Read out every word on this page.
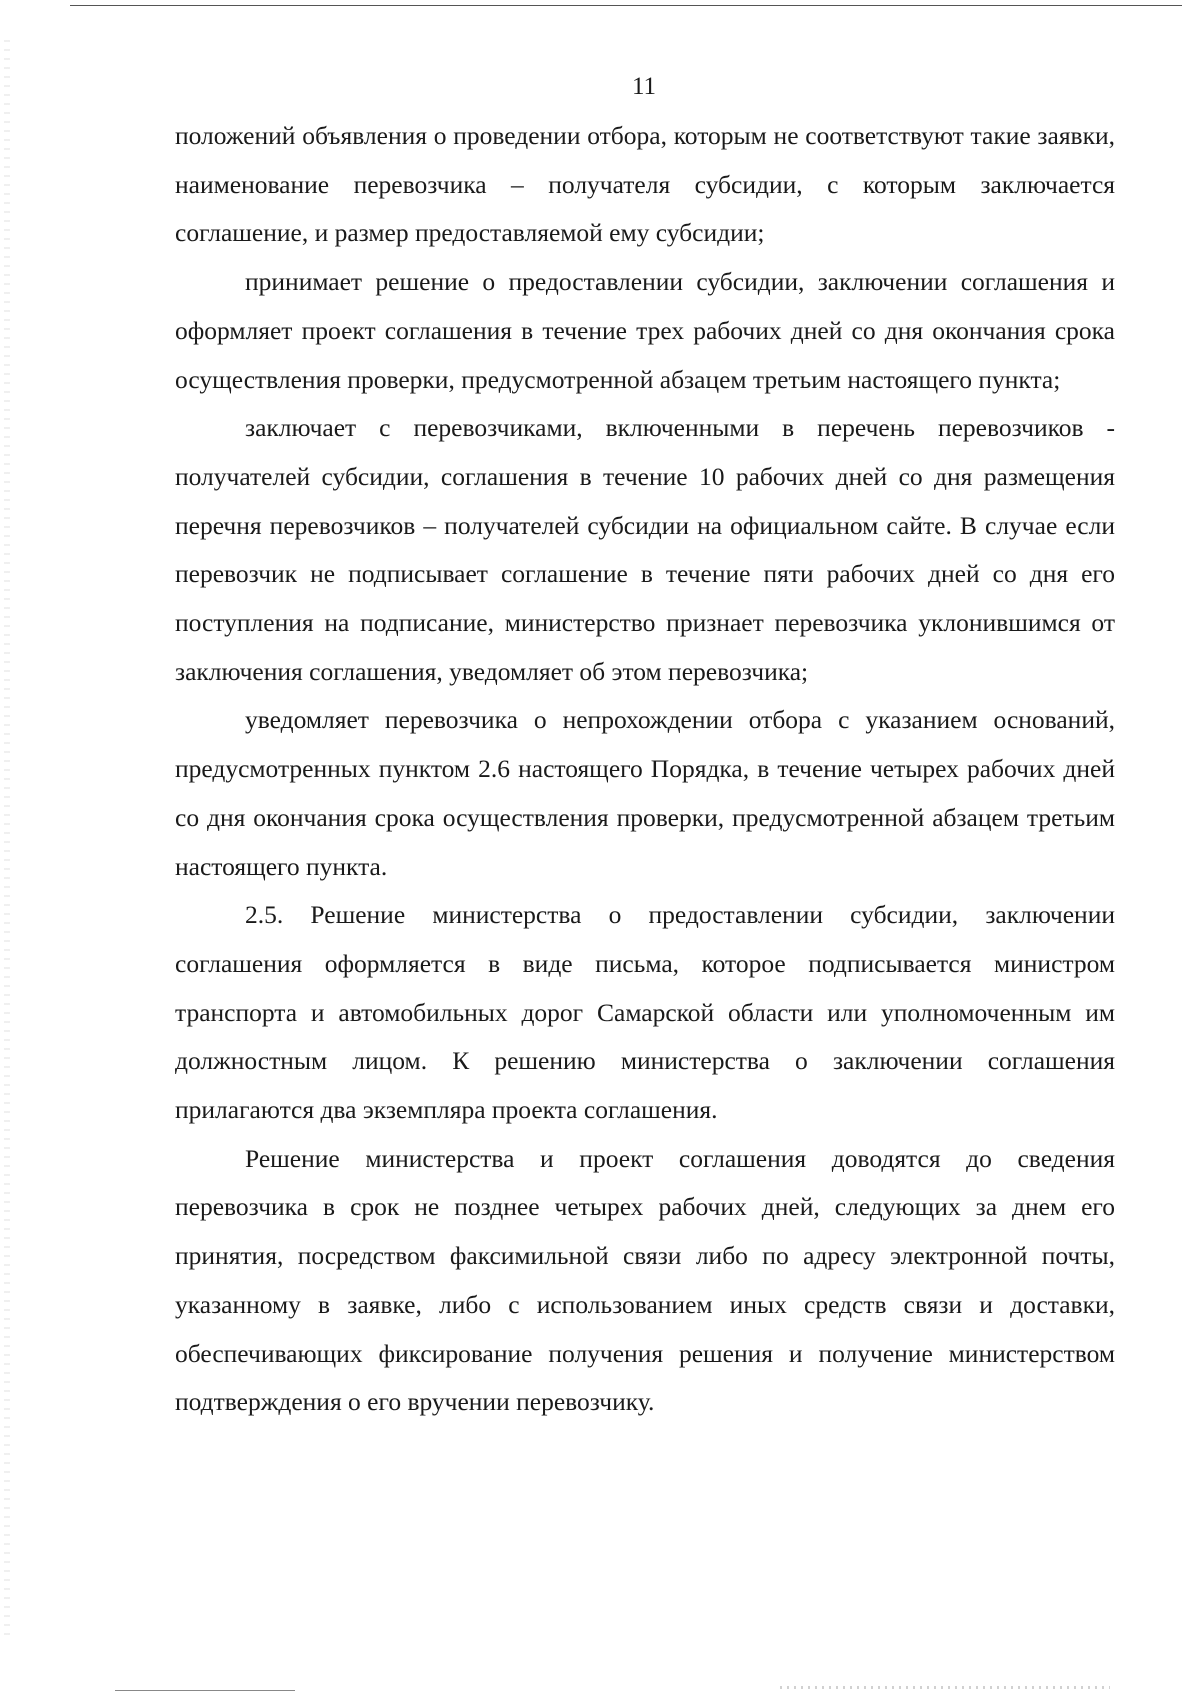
11

положений объявления о проведении отбора, которым не соответствуют такие заявки, наименование перевозчика – получателя субсидии, с которым заключается соглашение, и размер предоставляемой ему субсидии;

принимает решение о предоставлении субсидии, заключении соглашения и оформляет проект соглашения в течение трех рабочих дней со дня окончания срока осуществления проверки, предусмотренной абзацем третьим настоящего пункта;

заключает с перевозчиками, включенными в перечень перевозчиков - получателей субсидии, соглашения в течение 10 рабочих дней со дня размещения перечня перевозчиков – получателей субсидии на официальном сайте. В случае если перевозчик не подписывает соглашение в течение пяти рабочих дней со дня его поступления на подписание, министерство признает перевозчика уклонившимся от заключения соглашения, уведомляет об этом перевозчика;

уведомляет перевозчика о непрохождении отбора с указанием оснований, предусмотренных пунктом 2.6 настоящего Порядка, в течение четырех рабочих дней со дня окончания срока осуществления проверки, предусмотренной абзацем третьим настоящего пункта.

2.5. Решение министерства о предоставлении субсидии, заключении соглашения оформляется в виде письма, которое подписывается министром транспорта и автомобильных дорог Самарской области или уполномоченным им должностным лицом. К решению министерства о заключении соглашения прилагаются два экземпляра проекта соглашения.

Решение министерства и проект соглашения доводятся до сведения перевозчика в срок не позднее четырех рабочих дней, следующих за днем его принятия, посредством факсимильной связи либо по адресу электронной почты, указанному в заявке, либо с использованием иных средств связи и доставки, обеспечивающих фиксирование получения решения и получение министерством подтверждения о его вручении перевозчику.
